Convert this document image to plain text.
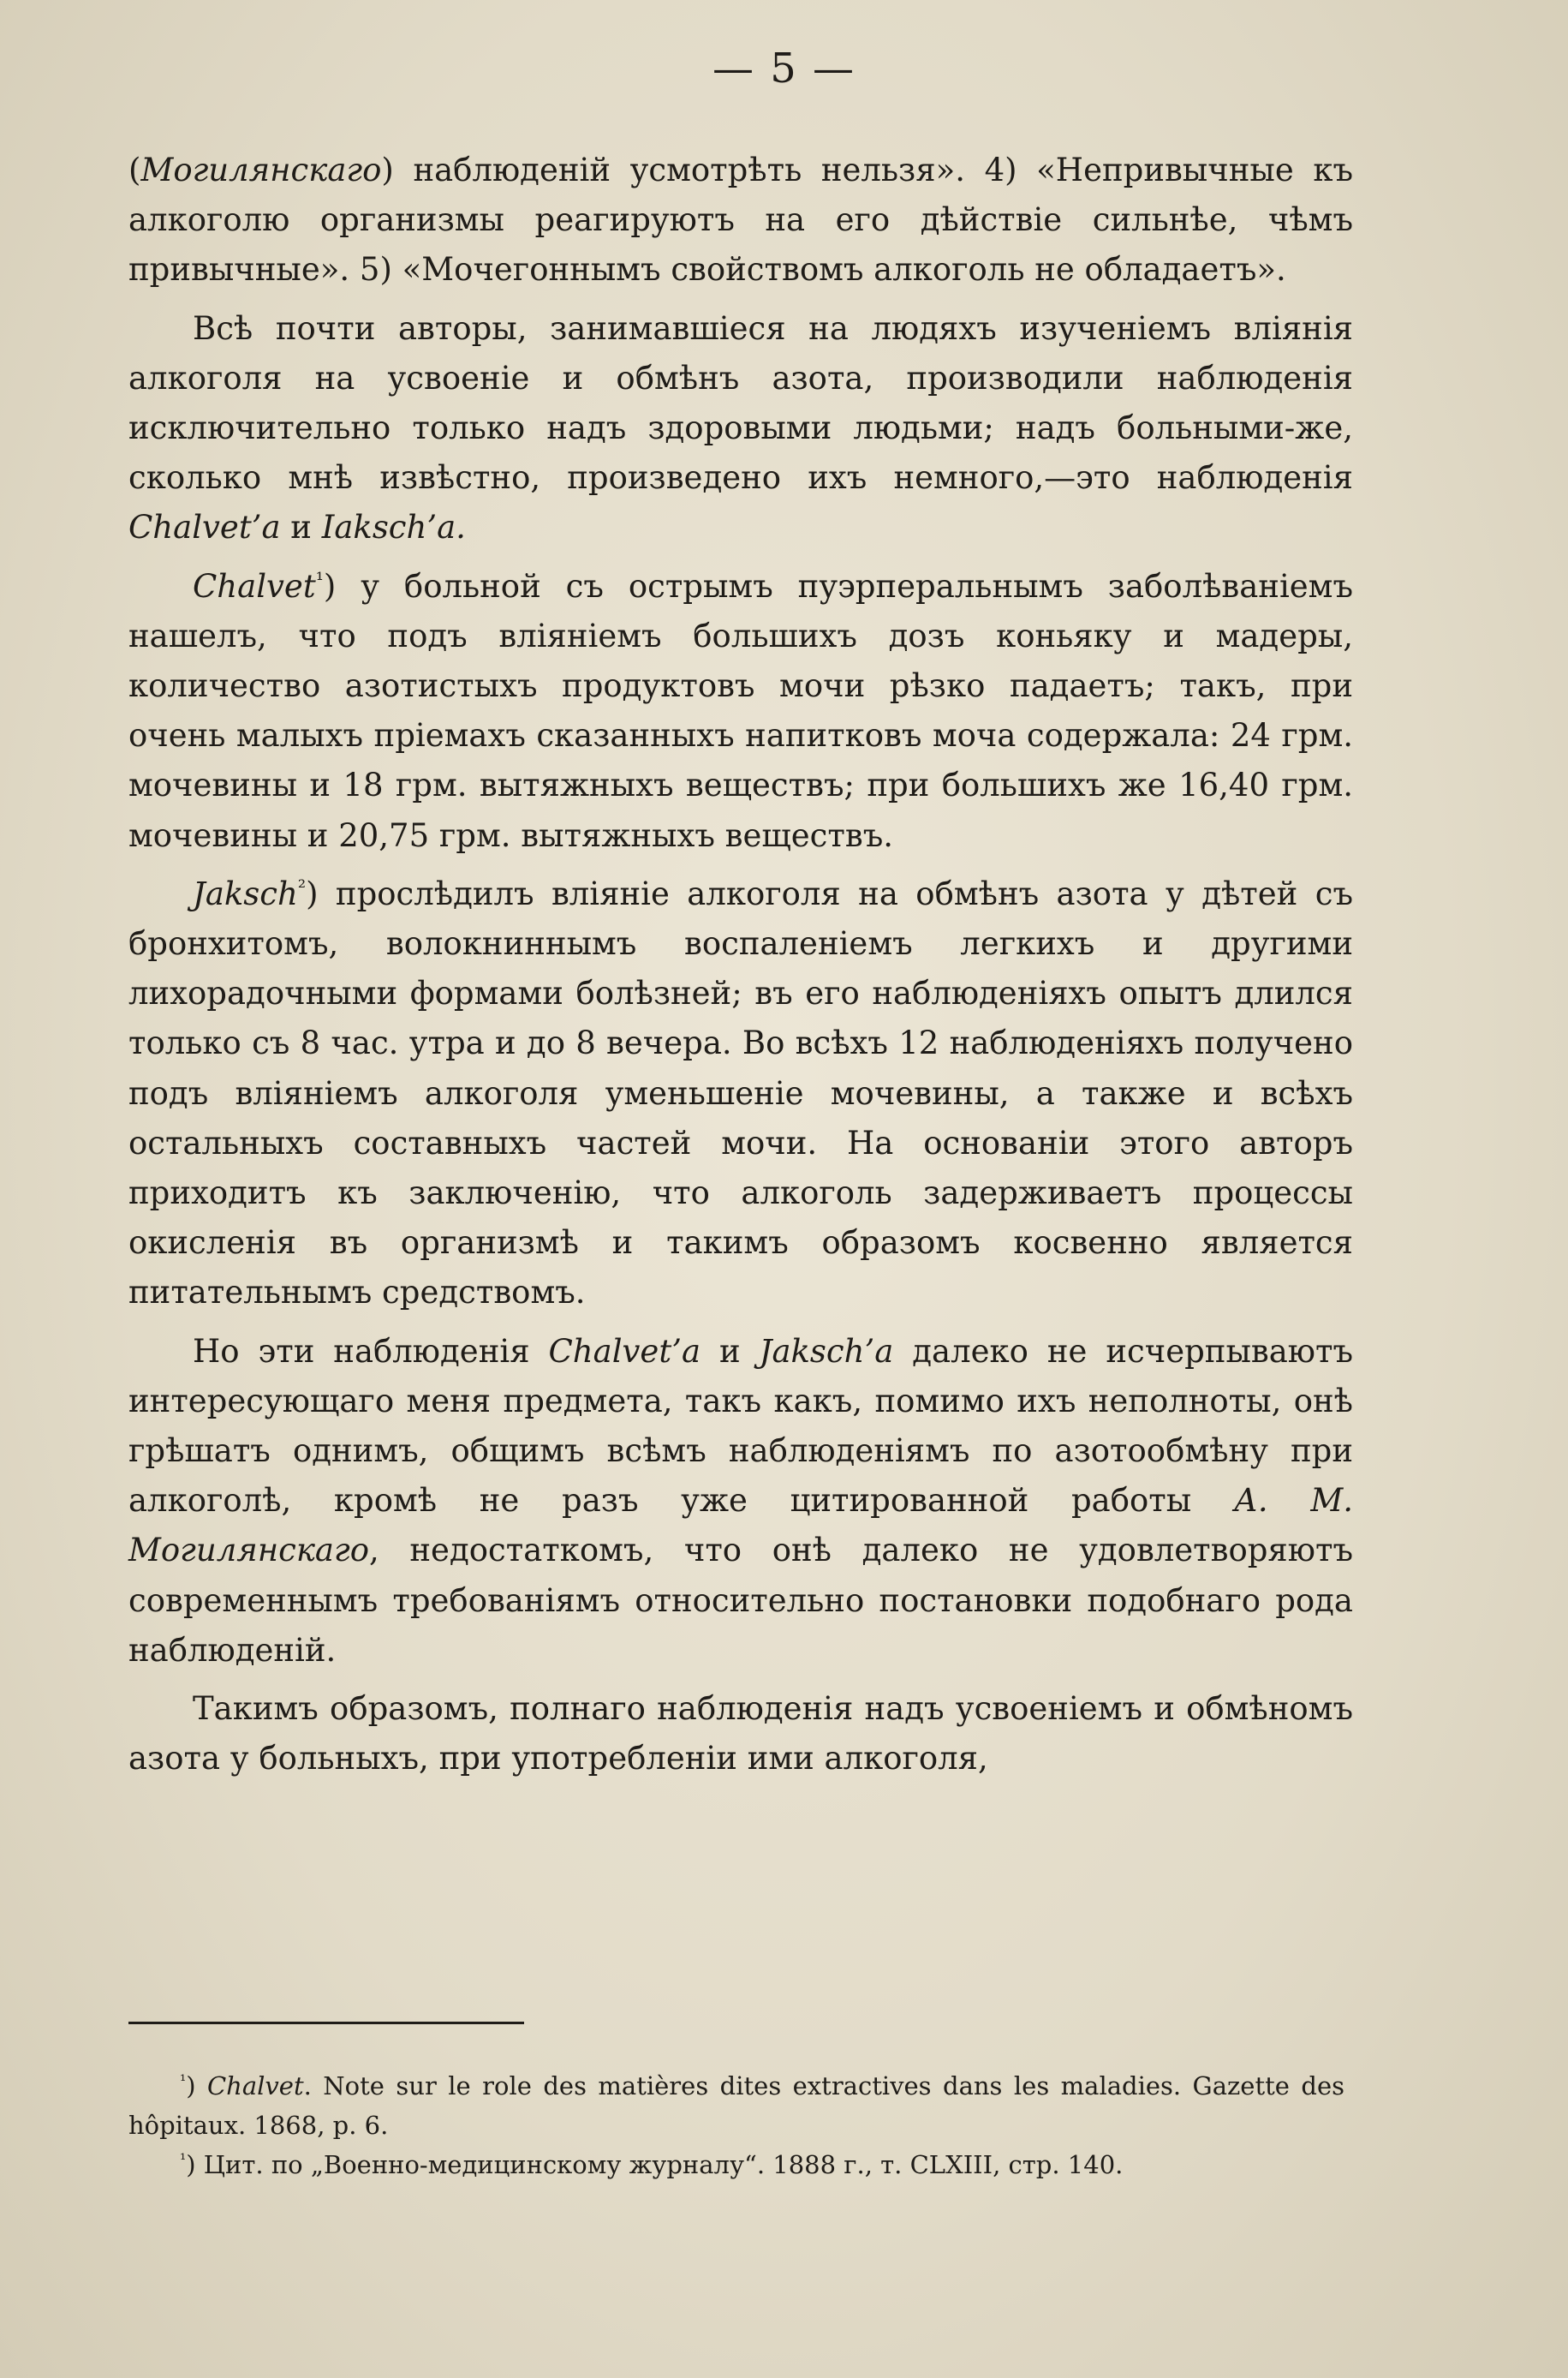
— 5 —

(Могилянскаго) наблюденій усмотрѣть нельзя». 4) «Непривычные къ алкоголю организмы реагируютъ на его дѣйствіе сильнѣе, чѣмъ привычные». 5) «Мочегоннымъ свойствомъ алкоголь не обладаетъ».

Всѣ почти авторы, занимавшіеся на людяхъ изученіемъ вліянія алкоголя на усвоеніе и обмѣнъ азота, производили наблюденія исключительно только надъ здоровыми людьми; надъ больными-же, сколько мнѣ извѣстно, произведено ихъ немного,—это наблюденія Chalvet’a и Iaksch’a.

Chalvet$^{^1}$) у больной съ острымъ пуэрперальнымъ заболѣваніемъ нашелъ, что подъ вліяніемъ большихъ дозъ коньяку и мадеры, количество азотистыхъ продуктовъ мочи рѣзко падаетъ; такъ, при очень малыхъ пріемахъ сказанныхъ напитковъ моча содержала: 24 грм. мочевины и 18 грм. вытяжныхъ веществъ; при большихъ же 16,40 грм. мочевины и 20,75 грм. вытяжныхъ веществъ.

Jaksch$^{^2}$) прослѣдилъ вліяніе алкоголя на обмѣнъ азота у дѣтей съ бронхитомъ, волокниннымъ воспаленіемъ легкихъ и другими лихорадочными формами болѣзней; въ его наблюденіяхъ опытъ длился только съ 8 час. утра и до 8 вечера. Во всѣхъ 12 наблюденіяхъ получено подъ вліяніемъ алкоголя уменьшеніе мочевины, а также и всѣхъ остальныхъ составныхъ частей мочи. На основаніи этого авторъ приходитъ къ заключенію, что алкоголь задерживаетъ процессы окисленія въ организмѣ и такимъ образомъ косвенно является питательнымъ средствомъ.

Но эти наблюденія Chalvet’a и Jaksch’a далеко не исчерпываютъ интересующаго меня предмета, такъ какъ, помимо ихъ неполноты, онѣ грѣшатъ однимъ, общимъ всѣмъ наблюденіямъ по азотообмѣну при алкоголѣ, кромѣ не разъ уже цитированной работы А. М. Могилянскаго, недостаткомъ, что онѣ далеко не удовлетворяютъ современнымъ требованіямъ относительно постановки подобнаго рода наблюденій.

Такимъ образомъ, полнаго наблюденія надъ усвоеніемъ и обмѣномъ азота у больныхъ, при употребленіи ими алкоголя,

$^{^1}$) Chalvet. Note sur le role des matières dites extractives dans les maladies. Gazette des hôpitaux. 1868, p. 6.

$^{^1}$) Цит. по „Военно-медицинскому журналу“. 1888 г., т. CLXIII, стр. 140.
